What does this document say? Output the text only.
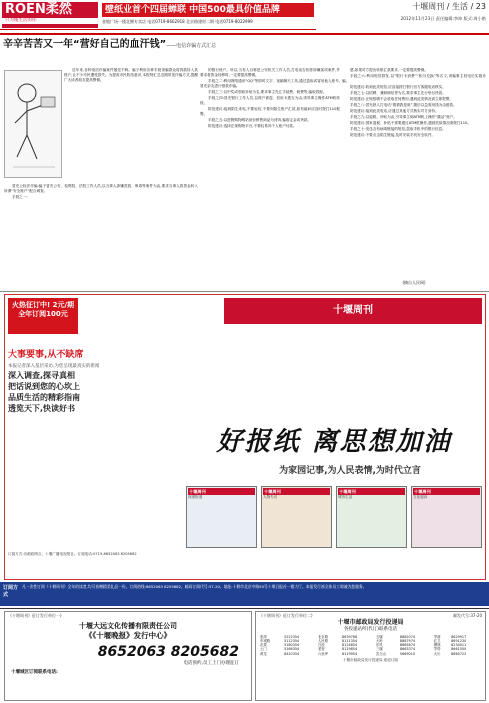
ROEN柔然
只为懂生活的你
壁纸业首个四届蝉联 中国500最具价值品牌
金地广场一楼北侧专卖店 电话0719-8662918 北京路建材二期 电话0719-8022999
十堰周刊 / 生活 / 23
2012年11月23日 责任编辑:李坤 版式:周小皓
辛辛苦苦又一年“营好自己的血汗钱”——电信诈骗方式汇总

近年来,各种电信诈骗案件屡见不鲜。骗子利用各种手段诱骗群众将钱款转入其账户,让不少市民遭受损失。为提高市民防范意识,本报特汇总近期常见诈骗方式,提醒广大读者朋友提高警惕。

冒充公检法诈骗:骗子冒充公安、检察院、法院工作人员,以当事人涉嫌洗钱、贩毒等案件为由,要求当事人将资金转入所谓“安全账户”配合调查。

手段之一:

的银行账户。所以,当有人自称是公安机关工作人员,打电话告知你涉嫌某项案件,并要求将资金转移时,一定要提高警惕。

手段之二:利用网络通讯“QQ”等即时文字、视频聊天工具,通过盗取或冒用他人账号,冒充亲友进行借款诈骗。

手段之三:以中奖或领取补贴为名,要求事主先汇手续费、税费等,骗取钱财。

手段之四:冒充银行工作人员,以账户被盗、信用卡透支为由,诱导事主操作ATM机转账。

防范建议:接到陌生来电,不要轻信,不要向陌生账户汇款,如有疑问应及时拨打110报警。

手段之五:以虚假购物网站低价销售商品为诱饵,骗取定金或货款。

防范建议:选择正规购物平台,不要轻易向个人账户付款。

感,如果对方提出转账汇款要求,一定要提高警惕。

手段之六:利用短信群发,以“银行卡消费”“积分兑换”等名义,诱骗事主回电后实施诈骗。

防范建议:收到此类短信,应直接拨打银行官方客服电话核实。

手段之七:以招聘、兼职刷信誉为名,要求事主先行垫付货款。

防范建议:正规招聘不会收取任何费用,遇到此类情况请立即报警。

手段之八:冒充熟人打电话“猜猜我是谁”,随后以急需用钱为由借款。

防范建议:接到此类电话,应通过其他方式核实对方身份。

手段之九:以退税、补贴为由,引导事主到ATM机上操作“激活”账户。

防范建议:国家退税、补贴不需要通过ATM机操作,遇到类似情况请拨打110。

手段之十:发送含有病毒链接的短信,盗取手机中的银行信息。

防范建议:不要点击陌生链接,及时安装手机安全软件。

(摘自人民网)
火热征订中! 2元/期 全年订阅100元	十堰周刊
大事要事,从不缺席
本报记者深入基层采访,为您呈现最真实的新闻
深入调查,探寻真相
把话说到您的心坎上
品质生活的精彩指南
透览天下,快读好书
好报纸 离思想加油
为家园记事,为人民表情,为时代立言
十堰周刊
深度报道
十堰周刊
人物专访
十堰周刊
城市生活
十堰周刊
文化阅读
订阅方式:各邮政网点、十堰广播电视报社。订阅电话:0719-8652063 8205682
订阅方式
凡一次性订阅《十堰周刊》全年的读者,均可获赠精美礼品一份。订阅热线:8652063 8205682。邮局订阅代号:37-20。地址:十堰市北京中路50号十堰日报社一楼大厅。本报发行部全体员工竭诚为您服务。
《十堰周刊》征订发行单位一)
十堰大远文化传播有限责任公司
《《十堰晚报》发行中心》
8652063 8205682
电话预约,员工上门办理征订
十堰城区订阅联系电话:
《十堰周刊》征订发行单位二)	邮发代号:37-20
十堰市邮政局发行投递局
各投递站所(代订)联系电话
张湾	5222354	北京路	8639788	五堰	8882074	茅箭	8629917
车城路	5112354	人民路	8111354	大岭	8887974	红卫	8691230
花果	5180354	白浪	8124854	东风	8665874	柳林	8234011
土门	5166354	老营	8129854	三堰	8663374	茅塔	8661500
黄龙	8420354	六里坪	8119954	武当山	5669010	大川	8660722
十堰市邮政局发行投递局 欢迎订阅
